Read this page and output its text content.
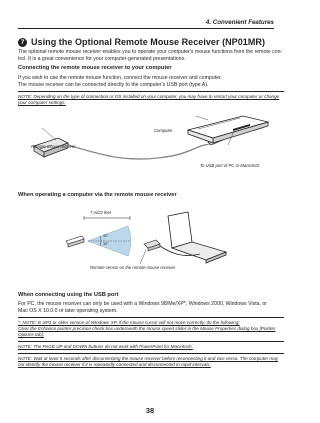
4. Convenient Features
7 Using the Optional Remote Mouse Receiver (NP01MR)
The optional remote mouse receiver enables you to operate your computer's mouse functions from the remote con-
trol. It is a great convenience for your computer-generated presentations.
Connecting the remote mouse receiver to your computer
If you wish to use the remote mouse function, connect the mouse receiver and computer.
The mouse receiver can be connected directly to the computer's USB port (type A).
NOTE: Depending on the type of connection or OS installed on your computer, you may have to restart your computer or change
your computer settings.
Computer
Remote mouse receiver
To USB port of PC or Macintosh
When operating a computer via the remote mouse receiver
7 m/22 feet
30°
30°
Remote sensor on the remote mouse receiver
When connecting using the USB port
For PC, the mouse receiver can only be used with a Windows 98/Me/XP*, Windows 2000, Windows Vista, or
Mac OS X 10.0.0 or later operating system.
*: NOTE: In SP1 or older version of Windows XP, if the mouse cursor will not move correctly, do the following:
Clear the Enhance pointer precision check box underneath the mouse speed slider in the Mouse Properties dialog box [Pointer
Options tab].
NOTE: The PAGE UP and DOWN buttons do not work with PowerPoint for Macintosh.
NOTE: Wait at least 5 seconds after disconnecting the mouse receiver before reconnecting it and vice versa. The computer may
not identify the mouse receiver if it is repeatedly connected and disconnected in rapid intervals.
38
